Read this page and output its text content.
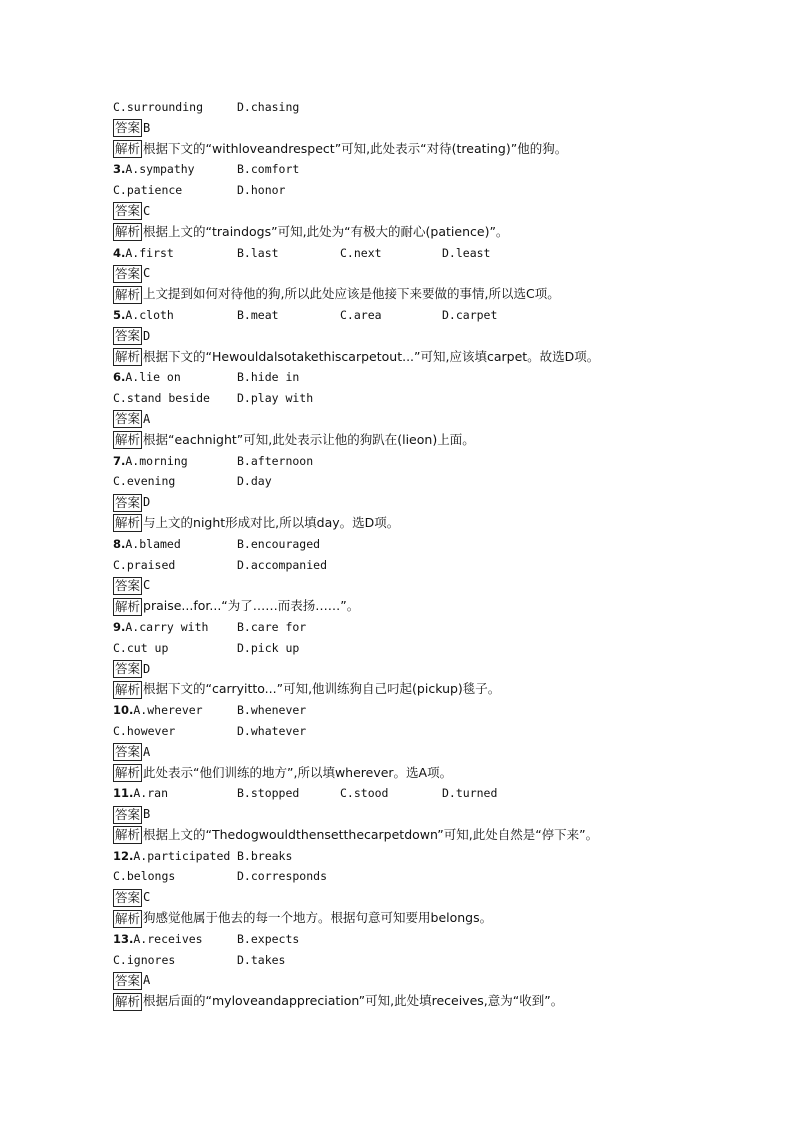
C.surrounding	D.chasing
答案 B
解析 根据下文的“withloveandrespect”可知,此处表示“对待(treating)”他的狗。
3.A.sympathy	B.comfort
C.patience	D.honor
答案 C
解析 根据上文的“traindogs”可知,此处为“有极大的耐心(patience)”。
4.A.first	B.last	C.next	D.least
答案 C
解析 上文提到如何对待他的狗,所以此处应该是他接下来要做的事情,所以选C项。
5.A.cloth	B.meat	C.area	D.carpet
答案 D
解析 根据下文的“Hewouldalsotakethiscarpetout...”可知,应该填carpet。故选D项。
6.A.lie on	B.hide in
C.stand beside D.play with
答案 A
解析 根据“eachnight”可知,此处表示让他的狗趴在(lieon)上面。
7.A.morning	B.afternoon
C.evening	D.day
答案 D
解析 与上文的night形成对比,所以填day。选D项。
8.A.blamed	B.encouraged
C.praised	D.accompanied
答案 C
解析 praise...for...“为了……而表扬……”。
9.A.carry with B.care for
C.cut up	D.pick up
答案 D
解析 根据下文的“carryitto...”可知,他训练狗自己叼起(pickup)毯子。
10.A.wherever	B.whenever
C.however	D.whatever
答案 A
解析 此处表示“他们训练的地方”,所以填wherever。选A项。
11.A.ran	B.stopped	C.stood	D.turned
答案 B
解析 根据上文的“Thedogwouldthensetthecarpetdown”可知,此处自然是“停下来”。
12.A.participated B.breaks
C.belongs	D.corresponds
答案 C
解析 狗感觉他属于他去的每一个地方。根据句意可知要用belongs。
13.A.receives	B.expects
C.ignores	D.takes
答案 A
解析 根据后面的“myloveandappreciation”可知,此处填receives,意为“收到”。
